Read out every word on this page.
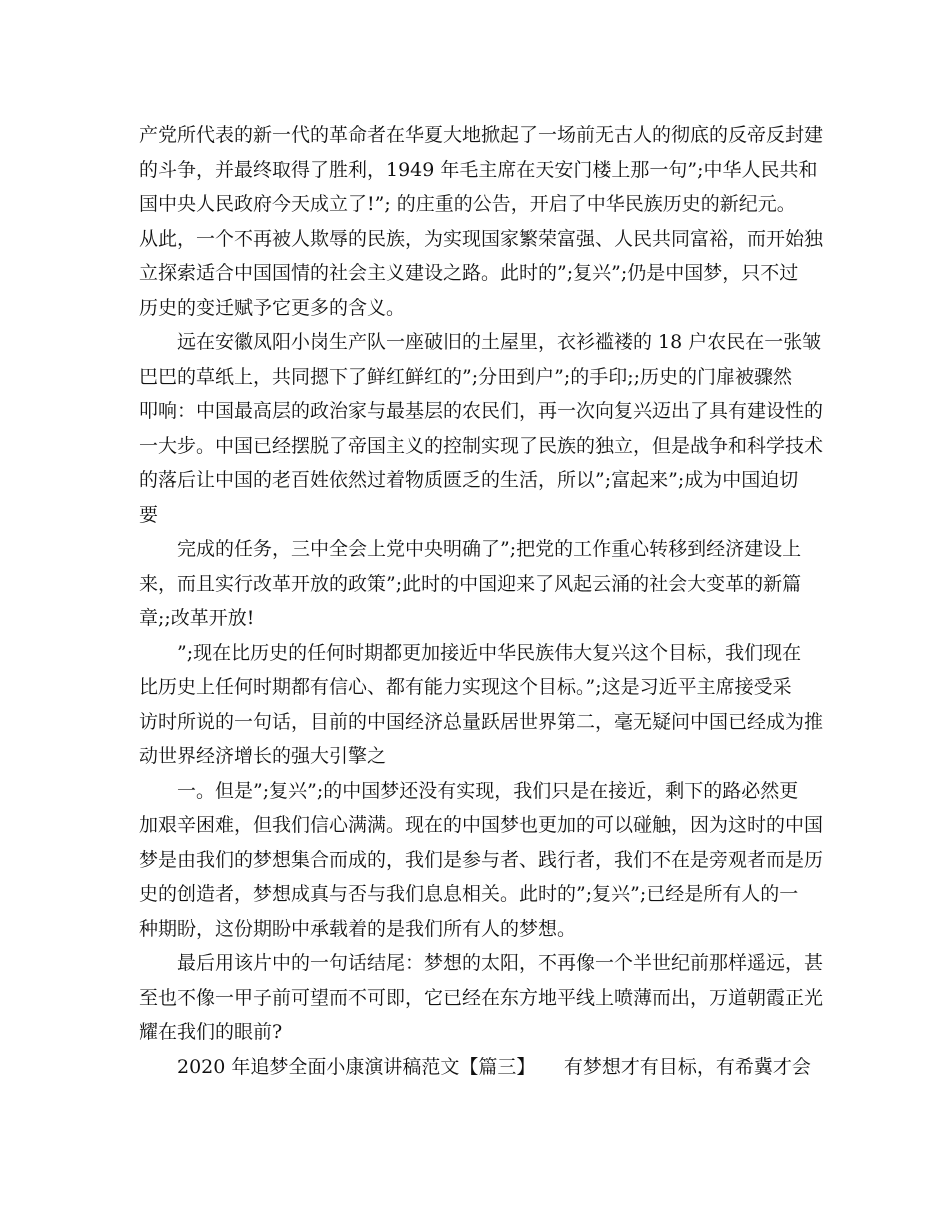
产党所代表的新一代的革命者在华夏大地掀起了一场前无古人的彻底的反帝反封建
的斗争，并最终取得了胜利，1949 年毛主席在天安门楼上那一句”;中华人民共和
国中央人民政府今天成立了!”; 的庄重的公告，开启了中华民族历史的新纪元。
从此，一个不再被人欺辱的民族，为实现国家繁荣富强、人民共同富裕，而开始独
立探索适合中国国情的社会主义建设之路。此时的”;复兴”;仍是中国梦，只不过
历史的变迁赋予它更多的含义。
远在安徽凤阳小岗生产队一座破旧的土屋里，衣衫褴褛的 18 户农民在一张皱
巴巴的草纸上，共同摁下了鲜红鲜红的”;分田到户”;的手印;;历史的门扉被骤然
叩响：中国最高层的政治家与最基层的农民们，再一次向复兴迈出了具有建设性的
一大步。中国已经摆脱了帝国主义的控制实现了民族的独立，但是战争和科学技术
的落后让中国的老百姓依然过着物质匮乏的生活，所以”;富起来”;成为中国迫切
要
完成的任务，三中全会上党中央明确了”;把党的工作重心转移到经济建设上
来，而且实行改革开放的政策”;此时的中国迎来了风起云涌的社会大变革的新篇
章;;改革开放!
”;现在比历史的任何时期都更加接近中华民族伟大复兴这个目标，我们现在
比历史上任何时期都有信心、都有能力实现这个目标。”;这是习近平主席接受采
访时所说的一句话，目前的中国经济总量跃居世界第二，毫无疑问中国已经成为推
动世界经济增长的强大引擎之
一。但是”;复兴”;的中国梦还没有实现，我们只是在接近，剩下的路必然更
加艰辛困难，但我们信心满满。现在的中国梦也更加的可以碰触，因为这时的中国
梦是由我们的梦想集合而成的，我们是参与者、践行者，我们不在是旁观者而是历
史的创造者，梦想成真与否与我们息息相关。此时的”;复兴”;已经是所有人的一
种期盼，这份期盼中承载着的是我们所有人的梦想。
最后用该片中的一句话结尾：梦想的太阳，不再像一个半世纪前那样遥远，甚
至也不像一甲子前可望而不可即，它已经在东方地平线上喷薄而出，万道朝霞正光
耀在我们的眼前?
2020 年追梦全面小康演讲稿范文【篇三】　　有梦想才有目标，有希冀才会
